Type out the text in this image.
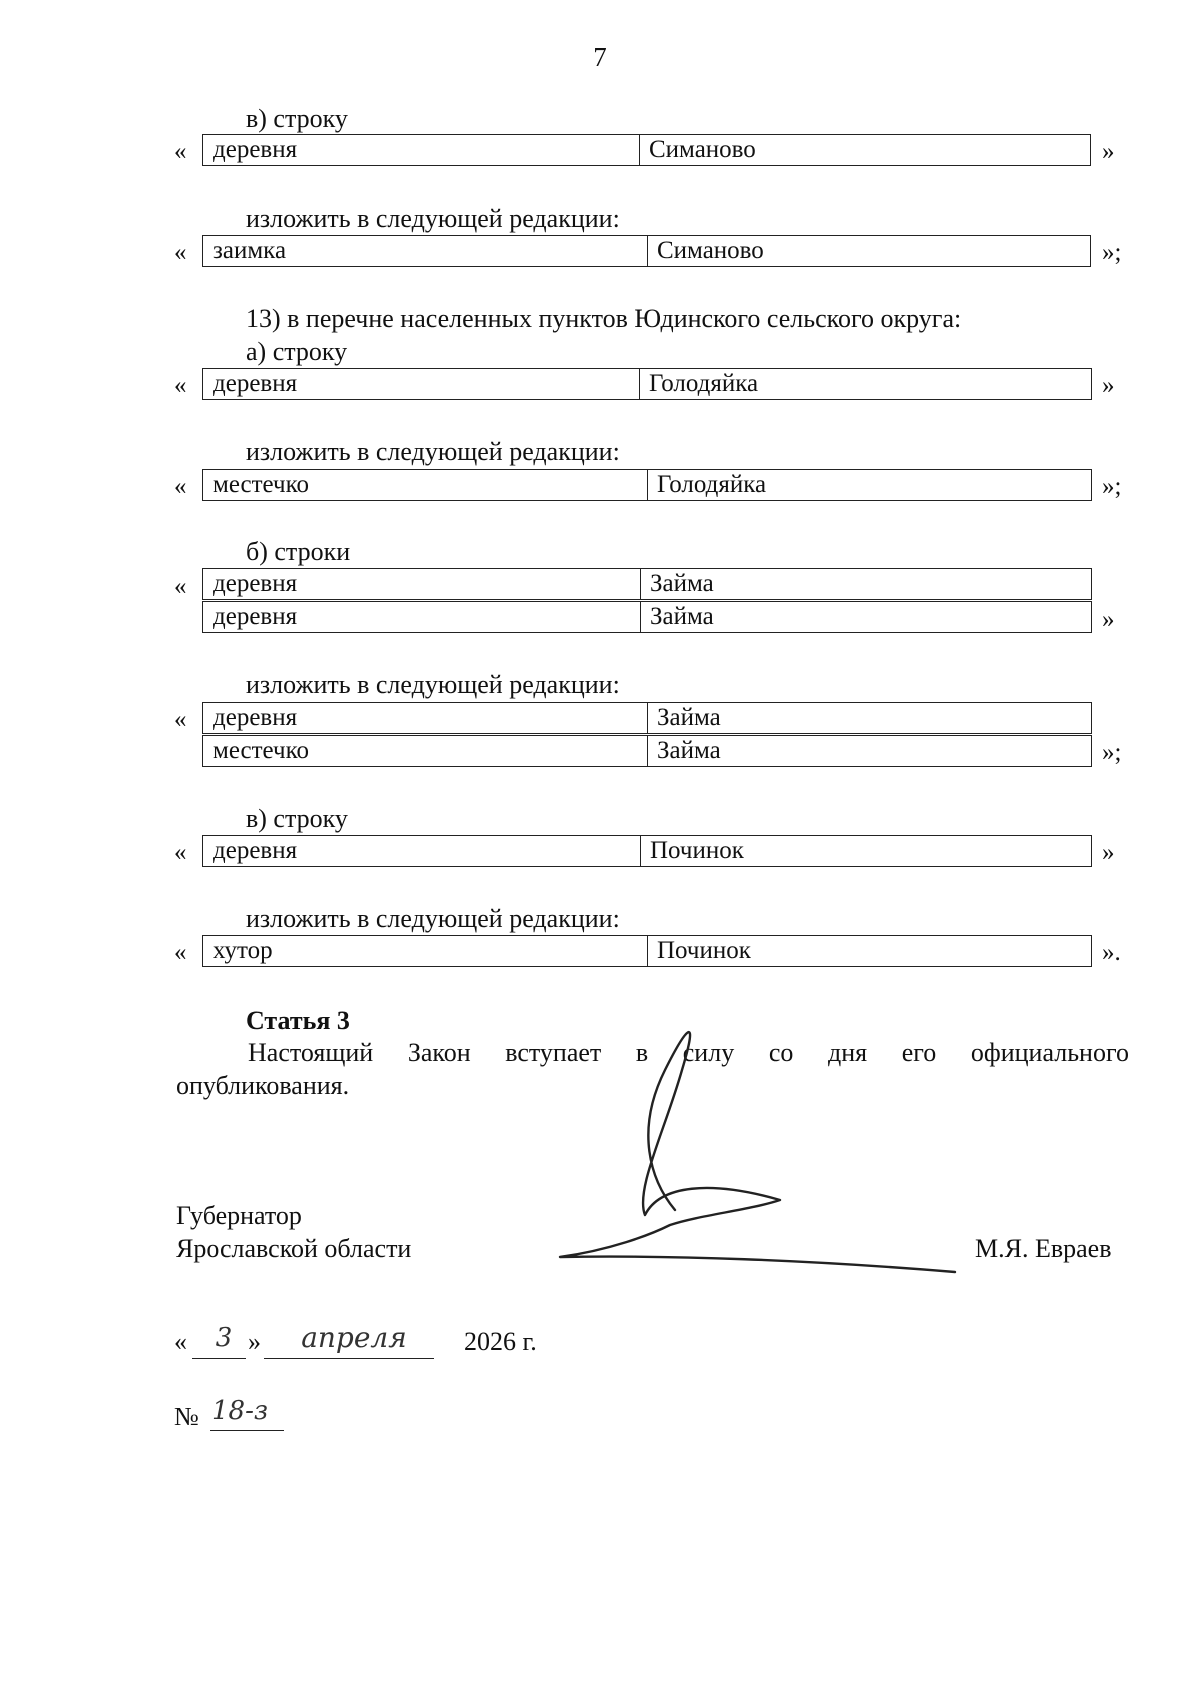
7
в) строку
« деревня	Симаново	»
изложить в следующей редакции:
« заимка	Симаново	»;
13) в перечне населенных пунктов Юдинского сельского округа:
а) строку
« деревня	Голодяйка	»
изложить в следующей редакции:
« местечко	Голодяйка	»;
б) строки
« деревня	Займа
деревня	Займа	»
изложить в следующей редакции:
« деревня	Займа
местечко	Займа	»;
в) строку
« деревня	Починок	»
изложить в следующей редакции:
« хутор	Починок	».
Статья 3
Настоящий Закон вступает в силу со дня его официального
опубликования.
Губернатор
Ярославской области	М.Я. Евраев
«	3 »	апреля	2026 г.
№ 18-з
